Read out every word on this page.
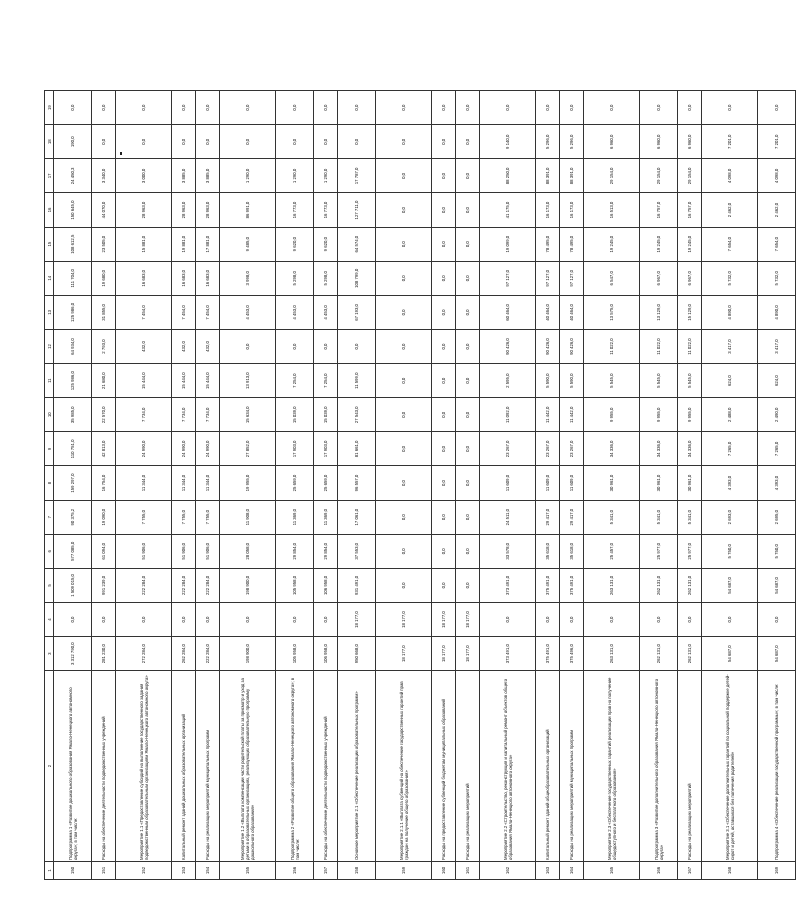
1	2	3	4	5	6	7	8	9	10	11	12	13	14	15	16	17	18	19
150	Подпрограмма 1 «Развитие дошкольного образования Ямало-Ненецкого автономного округа»; в том числе:	3 312 790,0	0,0	1 509 015,0	577 085,0	90 375,2	159 297,0	110 751,0	35 985,0	125 986,0	64 934,0	125 986,0	111 704,0	108 612,5	150 645,0	24 450,3	190,0	0,0
151	Расходы на обеспечение деятельности подведомственных учреждений	281 230,0	0,0	991 239,0	61 094,0	19 090,0	16 754,0	42 813,0	22 570,0	21 680,0	2 793,0	31 855,0	19 680,0	23 505,0	44 070,0	3 340,0	0,0	0,0
152	Мероприятие 1.1 «Предоставление субсидий на выполнение государственного задания подведомственным образовательным организациям Ямало-Ненецкого автономного округа»	272 284,0	0,0	222 284,0	51 906,0	7 755,0	11 344,0	24 990,0	7 734,0	15 444,0	432,0	7 454,0	16 683,0	15 881,0	28 963,0	3 000,0	0,0	0,0
153	Капитальный ремонт зданий дошкольных образовательных организаций	262 284,0	0,0	222 284,0	51 906,0	7 755,0	11 344,0	24 990,0	7 734,0	15 444,0	432,0	7 454,0	16 683,0	19 881,0	28 963,0	3 885,0	0,0	0,0
154	Расходы на реализацию мероприятий муниципальных программ	222 284,0	0,0	222 284,0	51 906,0	7 755,0	11 344,0	24 990,0	7 734,0	15 444,0	432,0	7 454,0	16 683,0	17 881,0	28 963,0	3 885,0	0,0	0,0
155	Мероприятие 1.2 «Выплата компенсации части родительской платы за присмотр и уход за детьми в образовательных организациях, реализующих образовательную программу дошкольного образования»	198 900,0	0,0	198 900,0	28 058,0	11 908,0	19 955,0	27 852,0	15 634,0	13 913,0	0,0	4 453,0	3 998,0	9 485,0	86 991,0	1 290,0	0,0	0,0
156	Подпрограмма 2 «Развитие общего образования Ямало-Ненецкого автономного округа»; в том числе:	105 958,0	0,0	105 958,0	29 854,0	11 369,0	25 659,0	17 903,0	15 039,0	7 254,0	0,0	4 453,0	5 298,0	9 620,0	16 773,0	1 290,0	0,0	0,0
157	Расходы на обеспечение деятельности подведомственных учреждений	106 958,0	0,0	106 958,0	29 854,0	11 369,0	25 659,0	17 903,0	15 039,0	7 254,0	0,0	4 453,0	5 298,0	9 620,0	16 773,0	1 290,0	0,0	0,0
158	Основное мероприятие 2.1 «Обеспечение реализации образовательных программ»	950 668,0	18 177,0	931 491,0	37 553,0	17 061,0	96 557,0	81 661,0	27 543,0	11 599,0	0,0	67 193,0	108 799,0	64 574,0	127 711,0	17 787,0	0,0	0,0
159	Мероприятие 2.1.1 «Выплата субвенций на обеспечение государственных гарантий прав граждан на получение общего образования»	18 177,0	18 177,0	0,0	0,0	0,0	0,0	0,0	0,0	0,0	0,0	0,0	0,0	0,0	0,0	0,0	0,0	0,0
160	Расходы на предоставление субвенций бюджетам муниципальных образований	18 177,0	18 177,0	0,0	0,0	0,0	0,0	0,0	0,0	0,0	0,0	0,0	0,0	0,0	0,0	0,0	0,0	0,0
161	Расходы на реализацию мероприятий	18 177,0	18 177,0	0,0	0,0	0,0	0,0	0,0	0,0	0,0	0,0	0,0	0,0	0,0	0,0	0,0	0,0	0,0
162	Мероприятие 2.2 «Строительство, реконструкция и капитальный ремонт объектов общего образования Ямало-Ненецкого автономного округа»	373 491,0	0,0	373 491,0	33 578,0	24 511,0	11 609,0	23 267,0	11 092,0	2 595,0	90 426,0	60 464,0	97 127,0	19 099,0	41 175,0	88 250,0	9 140,0	0,0
163	Капитальный ремонт зданий общеобразовательных организаций	375 491,0	0,0	375 491,0	35 618,0	29 417,0	11 609,0	23 267,0	11 442,0	5 590,0	90 426,0	40 464,0	97 127,0	78 495,0	16 173,0	88 391,0	5 296,0	0,0
164	Расходы на реализацию мероприятий муниципальных программ	375 496,0	0,0	375 491,0	35 618,0	29 417,0	11 609,0	23 267,0	11 442,0	5 590,0	90 426,0	40 464,0	97 127,0	78 495,0	16 173,0	88 391,0	5 296,0	0,0
165	Мероприятие 2.3 «Обеспечение государственных гарантий реализации прав на получение общедоступного и бесплатного образования»	263 131,0	0,0	263 131,0	25 457,0	5 341,0	30 961,0	34 336,0	9 955,0	5 545,0	11 022,0	13 575,0	6 547,0	19 245,0	16 513,0	29 154,0	6 960,0	0,0
166	Подпрограмма 3 «Развитие дополнительного образования Ямало-Ненецкого автономного округа»	262 131,0	0,0	262 131,0	25 977,0	5 341,0	30 961,0	34 336,0	9 955,0	5 545,0	11 022,0	13 129,0	6 967,0	19 245,0	16 757,0	29 154,0	6 960,0	0,0
167	Расходы на реализацию мероприятий	262 131,0	0,0	262 131,0	25 977,0	5 341,0	30 961,0	34 336,0	9 955,0	5 545,0	11 022,0	15 129,0	6 967,0	19 245,0	16 757,0	29 154,0	6 960,0	0,0
168	Мероприятие 3.1 «Обеспечение дополнительных гарантий по социальной поддержке детей-сирот и детей, оставшихся без попечения родителей»	54 687,0	0,0	54 687,0	5 750,0	2 693,0	4 393,0	7 265,0	2 488,0	624,0	3 417,0	4 890,0	5 732,0	7 654,0	2 462,0	4 098,0	7 201,0	0,0
169	Подпрограмма 4 «Обеспечение реализации государственной программы»; в том числе:	54 687,0	0,0	54 687,0	5 750,0	2 695,0	4 393,0	7 265,0	2 490,0	624,0	3 417,0	4 890,0	5 732,0	7 654,0	2 462,0	4 098,0	7 201,0	0,0
